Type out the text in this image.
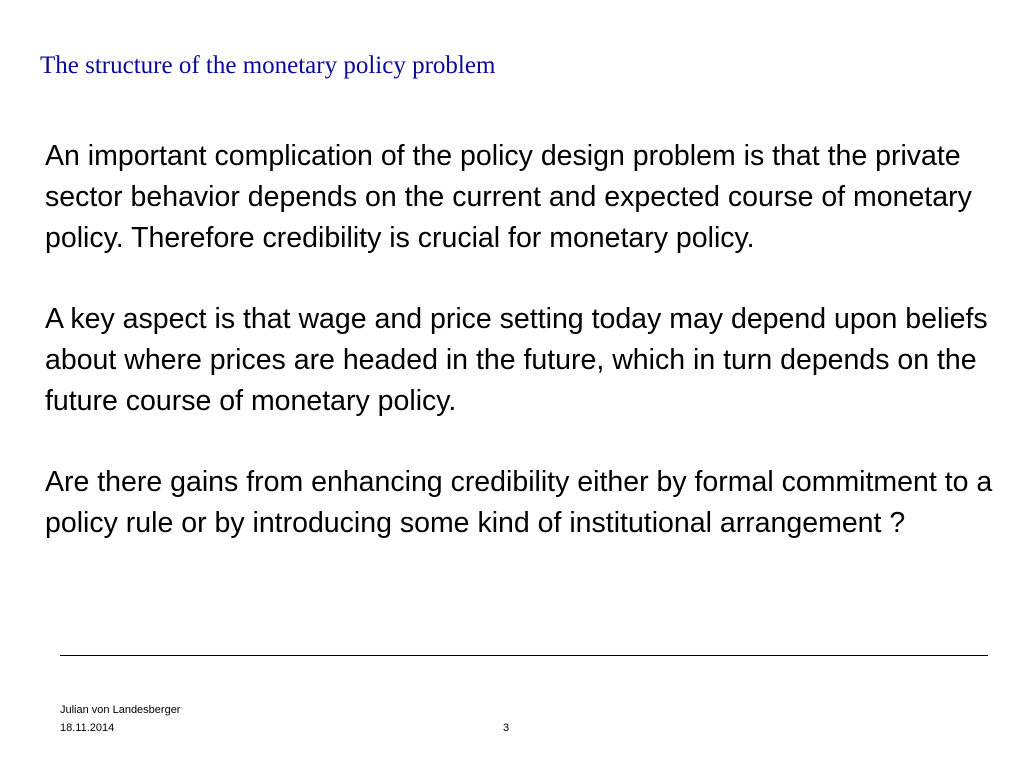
The structure of the monetary policy problem

An important complication of the policy design problem is that the private sector behavior depends on the current and expected course of monetary policy. Therefore credibility is crucial for monetary policy.

A key aspect is that wage and price setting today may depend upon beliefs about where prices are headed in the future, which in turn depends on the future course of monetary policy.

Are there gains from enhancing credibility either by formal commitment to a policy rule or by introducing some kind of institutional arrangement ?

Julian von Landesberger
18.11.2014	3
